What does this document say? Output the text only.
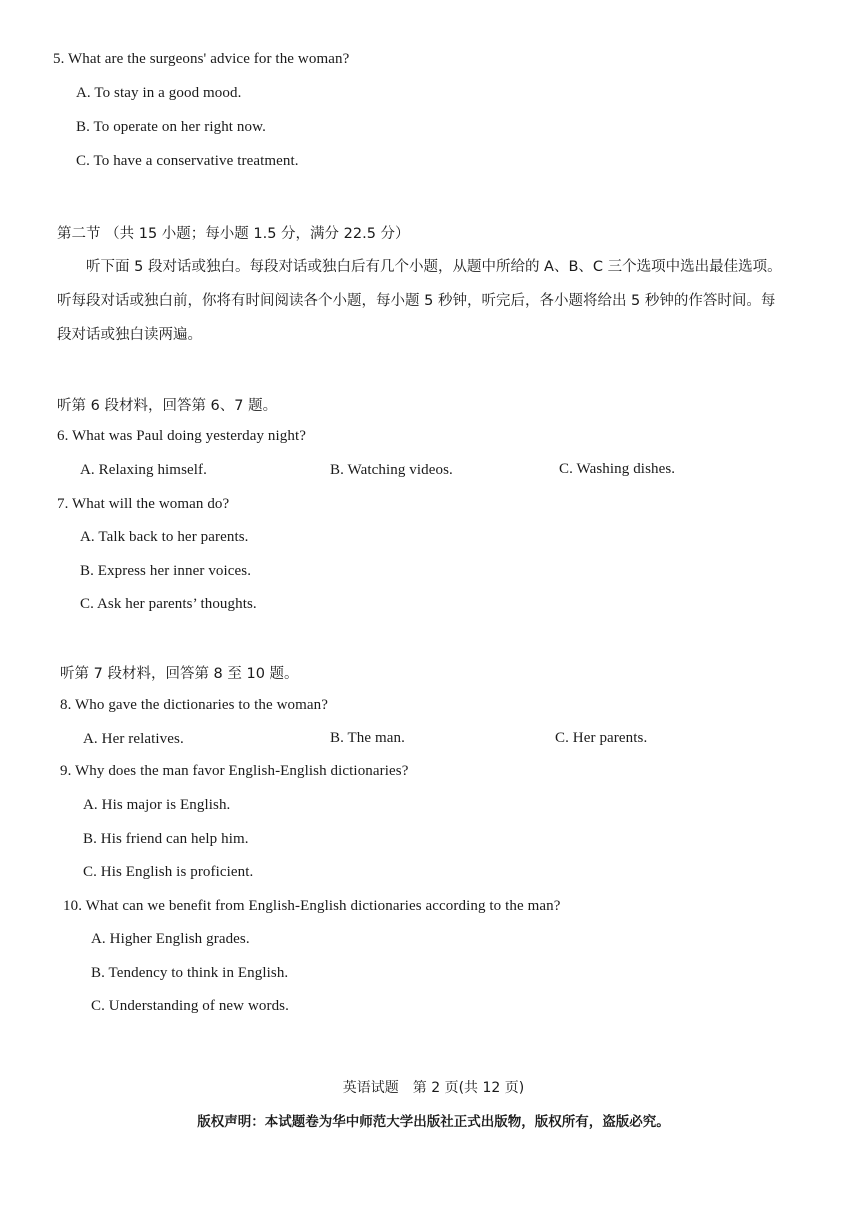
5. What are the surgeons' advice for the woman?
A. To stay in a good mood.
B. To operate on her right now.
C. To have a conservative treatment.
第二节 （共 15 小题；每小题 1.5 分，满分 22.5 分）
听下面 5 段对话或独白。每段对话或独白后有几个小题，从题中所给的 A、B、C 三个选项中选出最佳选项。听每段对话或独白前，你将有时间阅读各个小题，每小题 5 秒钟，听完后，各小题将给出 5 秒钟的作答时间。每段对话或独白读两遍。
听第 6 段材料，回答第 6、7 题。
6. What was Paul doing yesterday night?
A. Relaxing himself.	B. Watching videos.	C. Washing dishes.
7. What will the woman do?
A. Talk back to her parents.
B. Express her inner voices.
C. Ask her parents’ thoughts.
听第 7 段材料，回答第 8 至 10 题。
8. Who gave the dictionaries to the woman?
A. Her relatives.	B. The man.	C. Her parents.
9. Why does the man favor English-English dictionaries?
A. His major is English.
B. His friend can help him.
C. His English is proficient.
10. What can we benefit from English-English dictionaries according to the man?
A. Higher English grades.
B. Tendency to think in English.
C. Understanding of new words.
英语试题　第 2 页(共 12 页)
版权声明：本试题卷为华中师范大学出版社正式出版物，版权所有，盗版必究。
